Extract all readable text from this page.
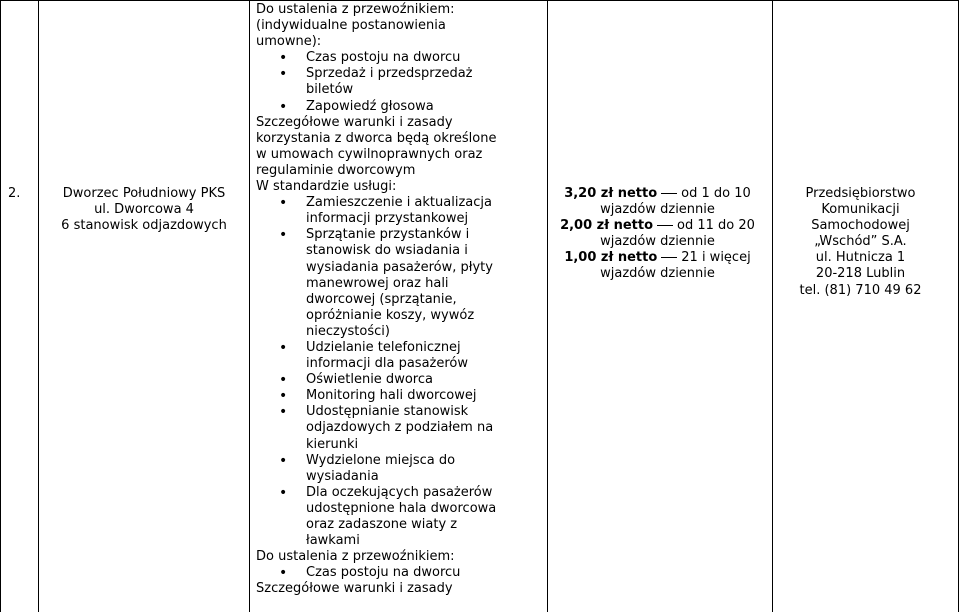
2.	Dworzec Południowy PKS
ul. Dworcowa 4
6 stanowisk odjazdowych
Do ustalenia z przewoźnikiem:
(indywidualne postanowienia
umowne):
• Czas postoju na dworcu
• Sprzedaż i przedsprzedaż
biletów
• Zapowiedź głosowa
Szczegółowe warunki i zasady
korzystania z dworca będą określone
w umowach cywilnoprawnych oraz
regulaminie dworcowym
W standardzie usługi:
• Zamieszczenie i aktualizacja
informacji przystankowej
• Sprzątanie przystanków i
stanowisk do wsiadania i
wysiadania pasażerów, płyty
manewrowej oraz hali
dworcowej (sprzątanie,
opróżnianie koszy, wywóz
nieczystości)
• Udzielanie telefonicznej
informacji dla pasażerów
• Oświetlenie dworca
• Monitoring hali dworcowej
• Udostępnianie stanowisk
odjazdowych z podziałem na
kierunki
• Wydzielone miejsca do
wysiadania
• Dla oczekujących pasażerów
udostępnione hala dworcowa
oraz zadaszone wiaty z
ławkami
Do ustalenia z przewoźnikiem:
• Czas postoju na dworcu
Szczegółowe warunki i zasady
3,20 zł netto od 1 do 10
wjazdów dziennie
2,00 zł netto od 11 do 20
wjazdów dziennie
1,00 zł netto 21 i więcej
wjazdów dziennie
Przedsiębiorstwo
Komunikacji
Samochodowej
„Wschód” S.A.
ul. Hutnicza 1
20-218 Lublin
tel. (81) 710 49 62
